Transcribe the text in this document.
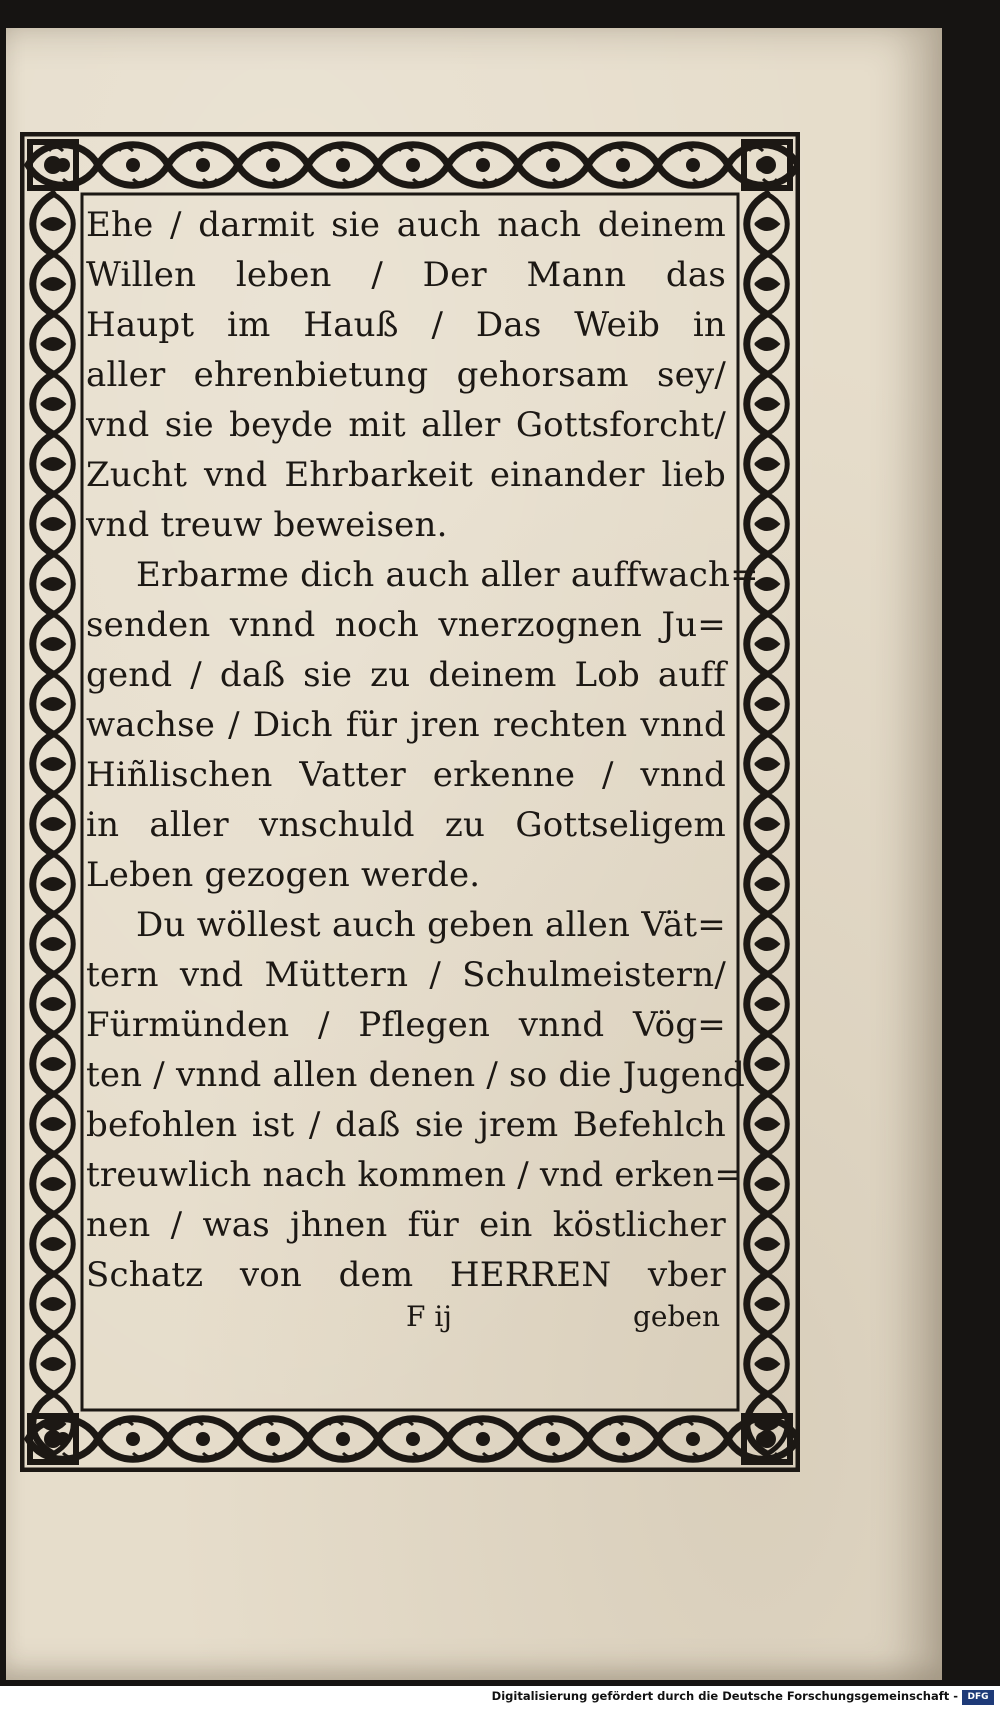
Ehe / darmit sie auch nach deinem
Willen leben / Der Mann das
Haupt im Hauß / Das Weib in
aller ehrenbietung gehorsam sey/
vnd sie beyde mit aller Gottsforcht/
Zucht vnd Ehrbarkeit einander lieb
vnd treuw beweisen.
Erbarme dich auch aller auffwach=
senden vnnd noch vnerzognen Ju=
gend / daß sie zu deinem Lob auff
wachse / Dich für jren rechten vnnd
Hiñlischen Vatter erkenne / vnnd
in aller vnschuld zu Gottseligem
Leben gezogen werde.
Du wöllest auch geben allen Vät=
tern vnd Müttern / Schulmeistern/
Fürmünden / Pflegen vnnd Vög=
ten / vnnd allen denen / so die Jugend
befohlen ist / daß sie jrem Befehlch
treuwlich nach kommen / vnd erken=
nen / was jhnen für ein köstlicher
Schatz von dem HERREN vber
F ij	geben
Digitalisierung gefördert durch die Deutsche Forschungsgemeinschaft -	DFG
